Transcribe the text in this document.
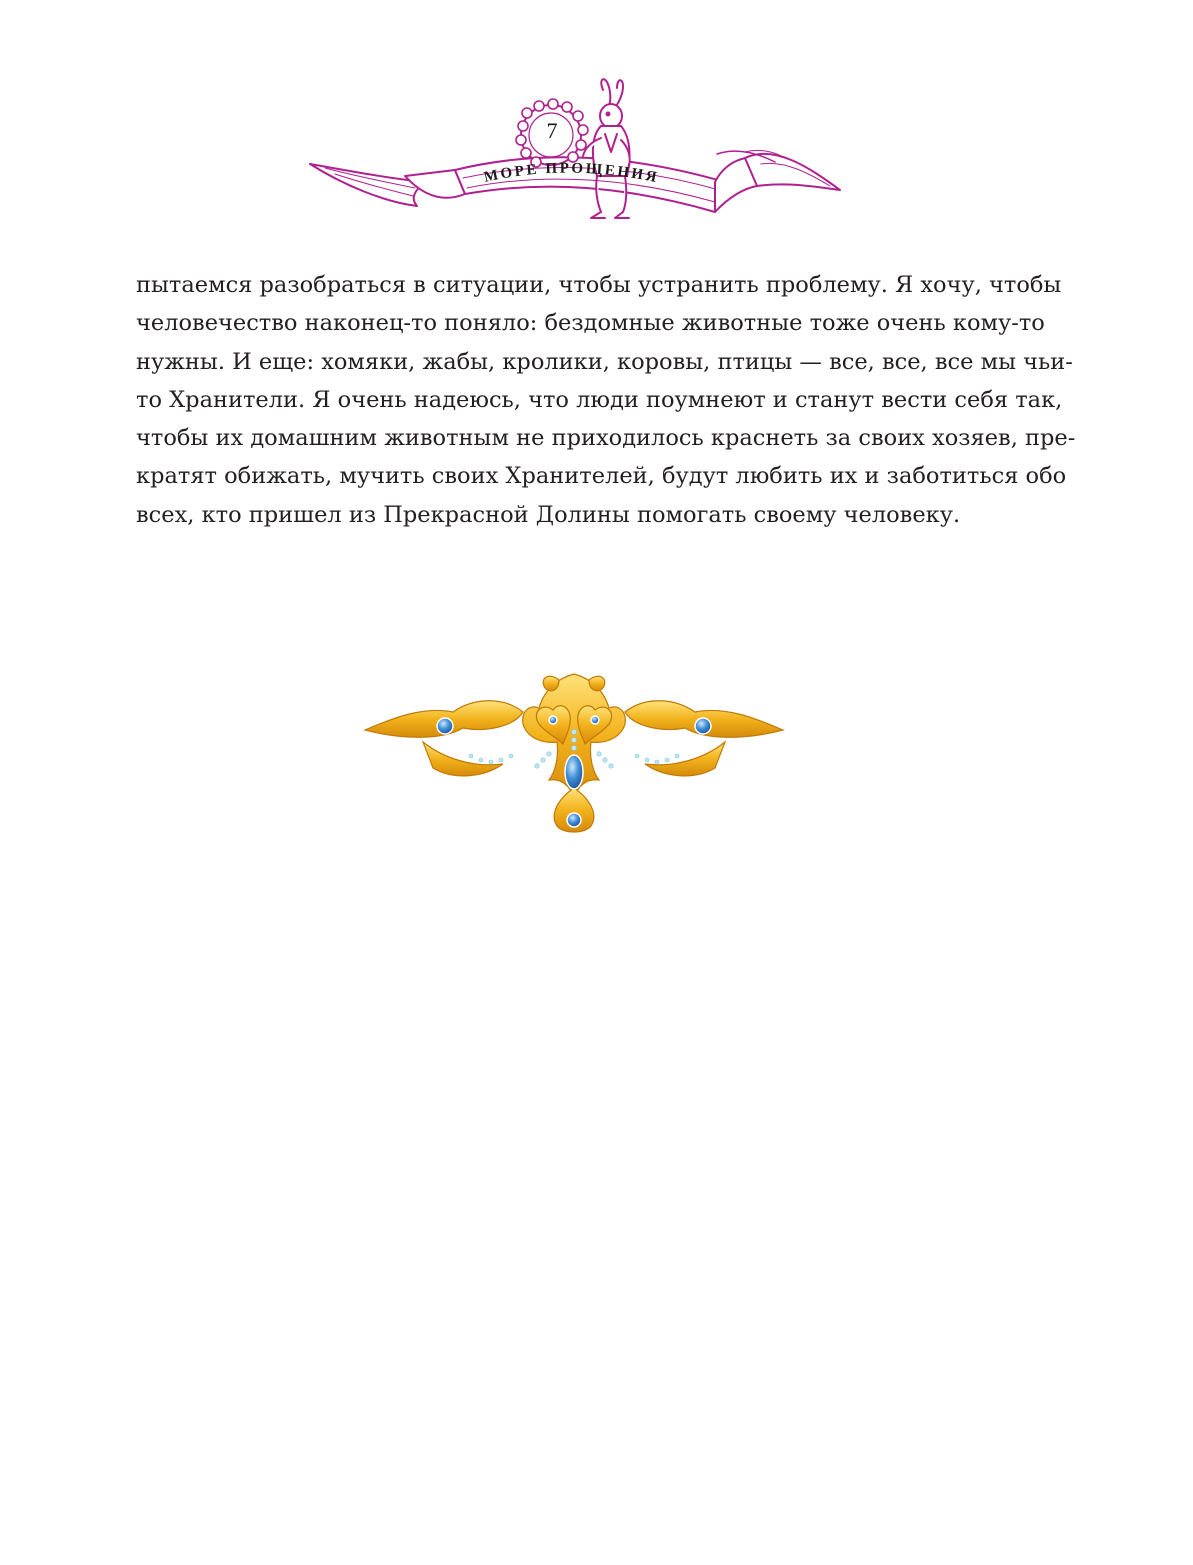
7
МОРЕ ПРОЩЕНИЯ
пытаемся разобраться в ситуации, чтобы устранить проблему. Я хочу, чтобы
человечество наконец-то поняло: бездомные животные тоже очень кому-то
нужны. И еще: хомяки, жабы, кролики, коровы, птицы — все, все, все мы чьи-
то Хранители. Я очень надеюсь, что люди поумнеют и станут вести себя так,
чтобы их домашним животным не приходилось краснеть за своих хозяев, пре-
кратят обижать, мучить своих Хранителей, будут любить их и заботиться обо
всех, кто пришел из Прекрасной Долины помогать своему человеку.
